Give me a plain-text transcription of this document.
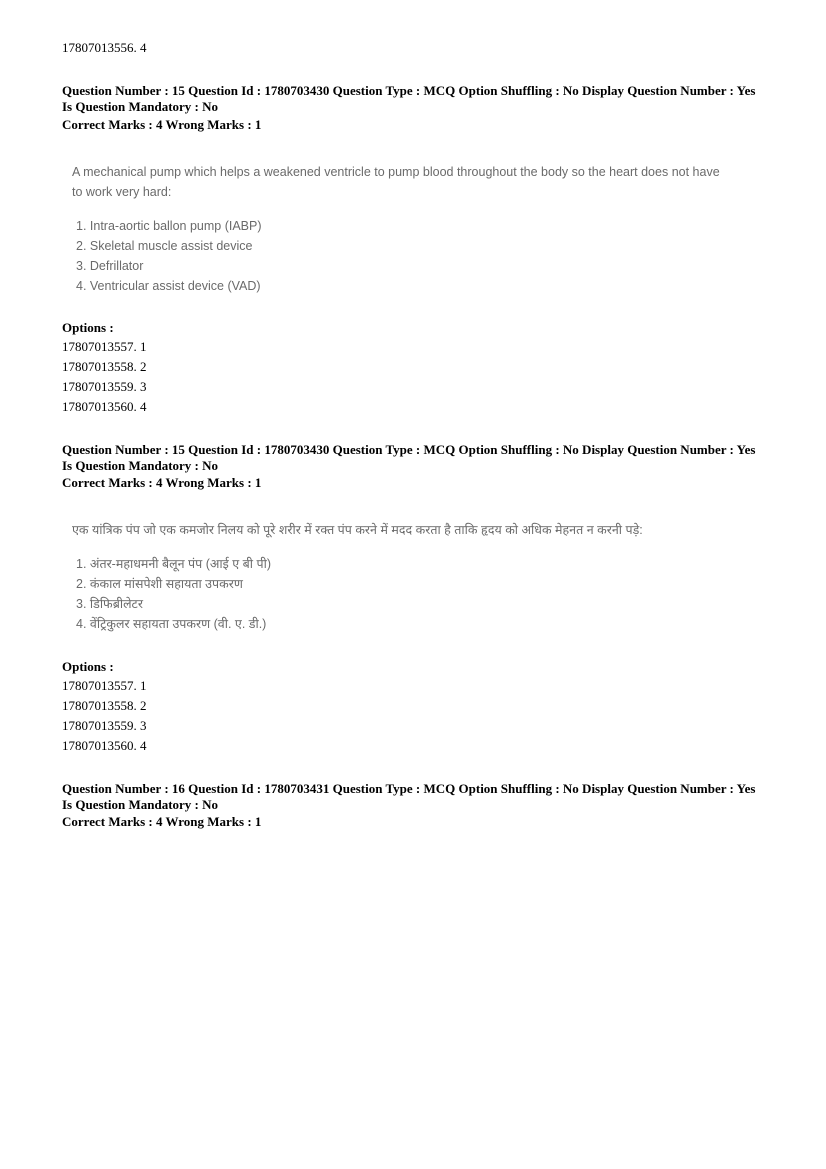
17807013556. 4
Question Number : 15 Question Id : 1780703430 Question Type : MCQ Option Shuffling : No Display Question Number : Yes
Is Question Mandatory : No
Correct Marks : 4 Wrong Marks : 1
A mechanical pump which helps a weakened ventricle to pump blood throughout the body so the heart does not have
to work very hard:
1. Intra-aortic ballon pump (IABP)
2. Skeletal muscle assist device
3. Defrillator
4. Ventricular assist device (VAD)
Options :
17807013557. 1
17807013558. 2
17807013559. 3
17807013560. 4
Question Number : 15 Question Id : 1780703430 Question Type : MCQ Option Shuffling : No Display Question Number : Yes
Is Question Mandatory : No
Correct Marks : 4 Wrong Marks : 1
एक यांत्रिक पंप जो एक कमजोर निलय को पूरे शरीर में रक्त पंप करने में मदद करता है ताकि हृदय को अधिक मेहनत न करनी पड़े:
1. अंतर-महाधमनी बैलून पंप (आई ए बी पी)
2. कंकाल मांसपेशी सहायता उपकरण
3. डिफिब्रीलेटर
4. वेंट्रिकुलर सहायता उपकरण (वी. ए. डी.)
Options :
17807013557. 1
17807013558. 2
17807013559. 3
17807013560. 4
Question Number : 16 Question Id : 1780703431 Question Type : MCQ Option Shuffling : No Display Question Number : Yes
Is Question Mandatory : No
Correct Marks : 4 Wrong Marks : 1
